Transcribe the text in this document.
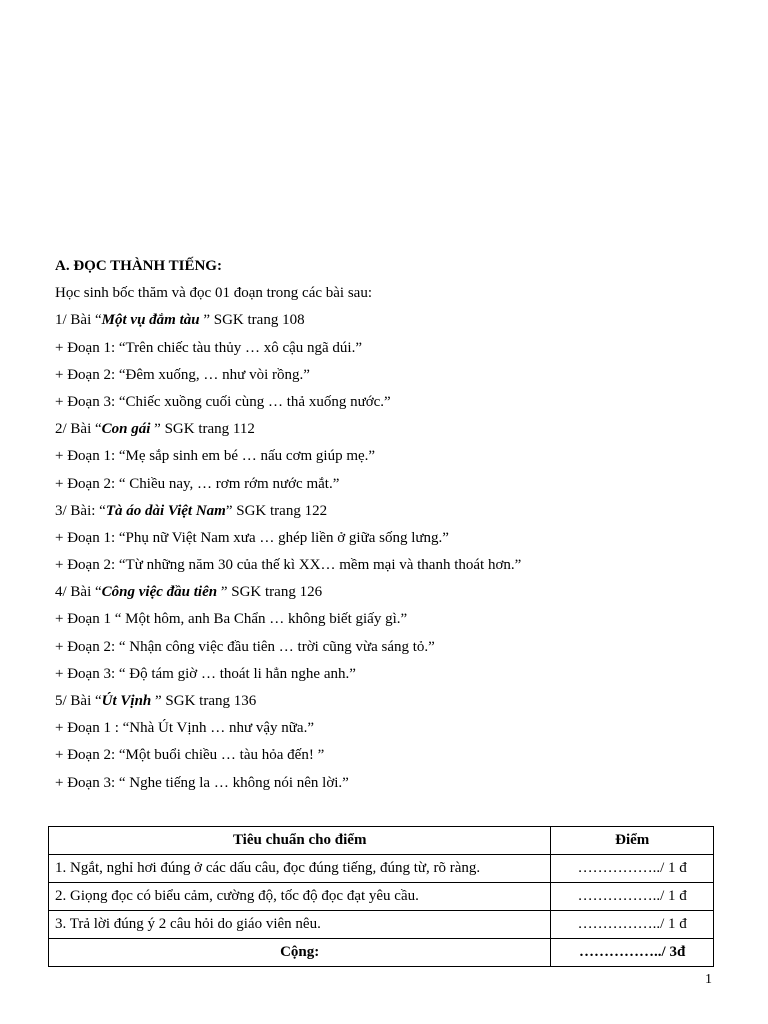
A. ĐỌC THÀNH TIẾNG:
Học sinh bốc thăm và đọc 01 đoạn trong các bài sau:
1/ Bài “Một vụ đắm tàu ” SGK trang 108
+ Đoạn 1: “Trên chiếc tàu thủy … xô cậu ngã dúi.”
+ Đoạn 2: “Đêm xuống, … như vòi rồng.”
+ Đoạn 3: “Chiếc xuồng cuối cùng … thả xuống nước.”
2/ Bài “Con gái ” SGK trang 112
+ Đoạn 1: “Mẹ sắp sinh em bé … nấu cơm giúp mẹ.”
+ Đoạn 2: “ Chiều nay, … rơm rớm nước mắt.”
3/ Bài: “Tà áo dài Việt Nam” SGK trang 122
+ Đoạn 1: “Phụ nữ Việt Nam xưa … ghép liền ở giữa sống lưng.”
+ Đoạn 2: “Từ những năm 30 của thế kì XX… mềm mại và thanh thoát hơn.”
4/ Bài “Công việc đầu tiên ” SGK trang 126
+ Đoạn 1 “ Một hôm, anh Ba Chẩn … không biết giấy gì.”
+ Đoạn 2: “ Nhận công việc đầu tiên … trời cũng vừa sáng tỏ.”
+ Đoạn 3: “ Độ tám giờ … thoát li hẳn nghe anh.”
5/ Bài “Út Vịnh ” SGK trang 136
+ Đoạn 1 : “Nhà Út Vịnh … như vậy nữa.”
+ Đoạn 2: “Một buổi chiều … tàu hỏa đến! ”
+ Đoạn 3: “ Nghe tiếng la … không nói nên lời.”
Tiêu chuẩn cho điểm	Điểm
1. Ngắt, nghỉ hơi đúng ở các dấu câu, đọc đúng tiếng, đúng từ, rõ ràng.	……………../ 1 đ
2. Giọng đọc có biểu cảm, cường độ, tốc độ đọc đạt yêu cầu.	……………../ 1 đ
3. Trả lời đúng ý 2 câu hỏi do giáo viên nêu.	……………../ 1 đ
Cộng:	……………../ 3đ
1
